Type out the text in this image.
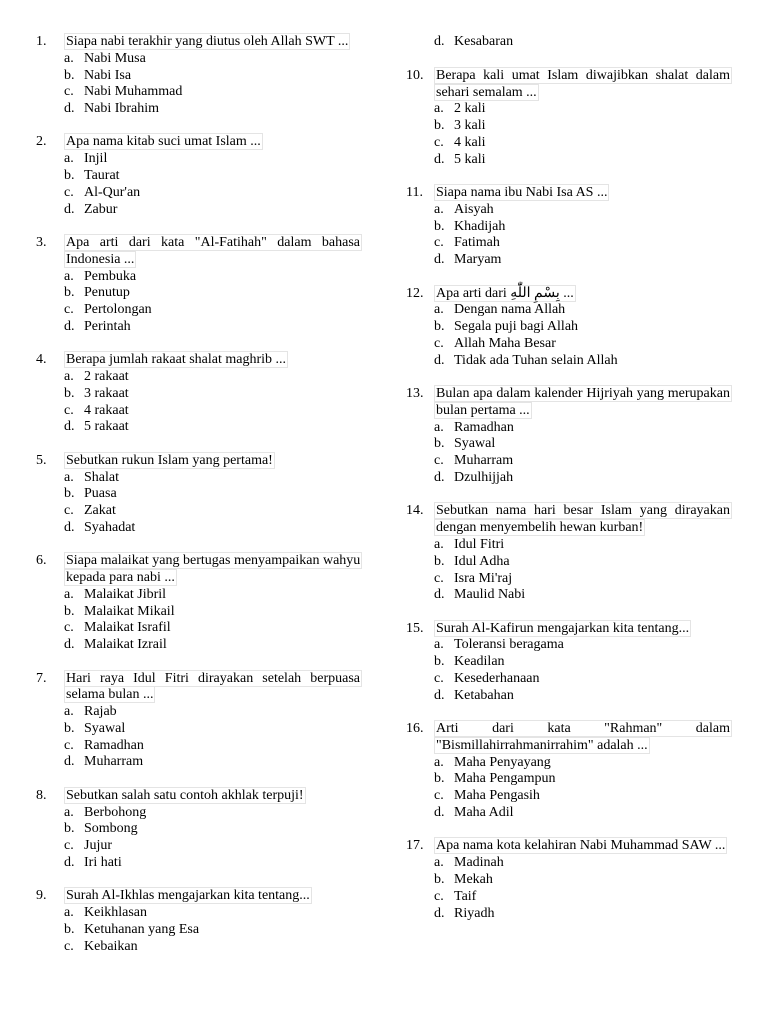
1. Siapa nabi terakhir yang diutus oleh Allah SWT ...
a. Nabi Musa
b. Nabi Isa
c. Nabi Muhammad
d. Nabi Ibrahim
2. Apa nama kitab suci umat Islam ...
a. Injil
b. Taurat
c. Al-Qur'an
d. Zabur
3. Apa arti dari kata "Al-Fatihah" dalam bahasa Indonesia ...
a. Pembuka
b. Penutup
c. Pertolongan
d. Perintah
4. Berapa jumlah rakaat shalat maghrib ...
a. 2 rakaat
b. 3 rakaat
c. 4 rakaat
d. 5 rakaat
5. Sebutkan rukun Islam yang pertama!
a. Shalat
b. Puasa
c. Zakat
d. Syahadat
6. Siapa malaikat yang bertugas menyampaikan wahyu kepada para nabi ...
a. Malaikat Jibril
b. Malaikat Mikail
c. Malaikat Israfil
d. Malaikat Izrail
7. Hari raya Idul Fitri dirayakan setelah berpuasa selama bulan ...
a. Rajab
b. Syawal
c. Ramadhan
d. Muharram
8. Sebutkan salah satu contoh akhlak terpuji!
a. Berbohong
b. Sombong
c. Jujur
d. Iri hati
9. Surah Al-Ikhlas mengajarkan kita tentang...
a. Keikhlasan
b. Ketuhanan yang Esa
c. Kebaikan
d. Kesabaran
10. Berapa kali umat Islam diwajibkan shalat dalam sehari semalam ...
a. 2 kali
b. 3 kali
c. 4 kali
d. 5 kali
11. Siapa nama ibu Nabi Isa AS ...
a. Aisyah
b. Khadijah
c. Fatimah
d. Maryam
12. Apa arti dari بِسْمِ اللّٰهِ ...
a. Dengan nama Allah
b. Segala puji bagi Allah
c. Allah Maha Besar
d. Tidak ada Tuhan selain Allah
13. Bulan apa dalam kalender Hijriyah yang merupakan bulan pertama ...
a. Ramadhan
b. Syawal
c. Muharram
d. Dzulhijjah
14. Sebutkan nama hari besar Islam yang dirayakan dengan menyembelih hewan kurban!
a. Idul Fitri
b. Idul Adha
c. Isra Mi'raj
d. Maulid Nabi
15. Surah Al-Kafirun mengajarkan kita tentang...
a. Toleransi beragama
b. Keadilan
c. Kesederhanaan
d. Ketabahan
16. Arti dari kata "Rahman" dalam "Bismillahirrahmanirrahim" adalah ...
a. Maha Penyayang
b. Maha Pengampun
c. Maha Pengasih
d. Maha Adil
17. Apa nama kota kelahiran Nabi Muhammad SAW ...
a. Madinah
b. Mekah
c. Taif
d. Riyadh
